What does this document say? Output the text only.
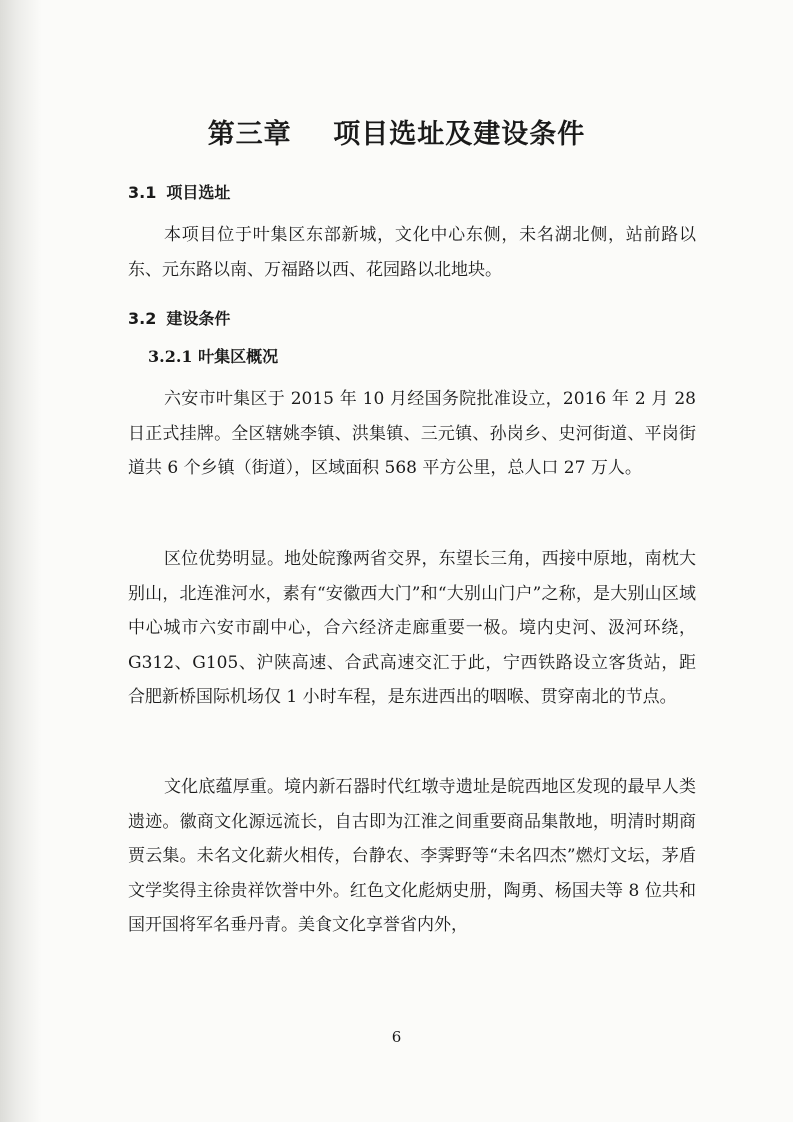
第三章    项目选址及建设条件
3.1 项目选址

本项目位于叶集区东部新城，文化中心东侧，未名湖北侧，站前路以东、元东路以南、万福路以西、花园路以北地块。

3.2 建设条件
3.2.1 叶集区概况

六安市叶集区于 2015 年 10 月经国务院批准设立，2016 年 2 月 28 日正式挂牌。全区辖姚李镇、洪集镇、三元镇、孙岗乡、史河街道、平岗街道共 6 个乡镇（街道），区域面积 568 平方公里，总人口 27 万人。

区位优势明显。地处皖豫两省交界，东望长三角，西接中原地，南枕大别山，北连淮河水，素有“安徽西大门”和“大别山门户”之称，是大别山区域中心城市六安市副中心，合六经济走廊重要一极。境内史河、汲河环绕，G312、G105、沪陕高速、合武高速交汇于此，宁西铁路设立客货站，距合肥新桥国际机场仅 1 小时车程，是东进西出的咽喉、贯穿南北的节点。

文化底蕴厚重。境内新石器时代红墩寺遗址是皖西地区发现的最早人类遗迹。徽商文化源远流长，自古即为江淮之间重要商品集散地，明清时期商贾云集。未名文化薪火相传，台静农、李霁野等“未名四杰”燃灯文坛，茅盾文学奖得主徐贵祥饮誉中外。红色文化彪炳史册，陶勇、杨国夫等 8 位共和国开国将军名垂丹青。美食文化享誉省内外，

6
